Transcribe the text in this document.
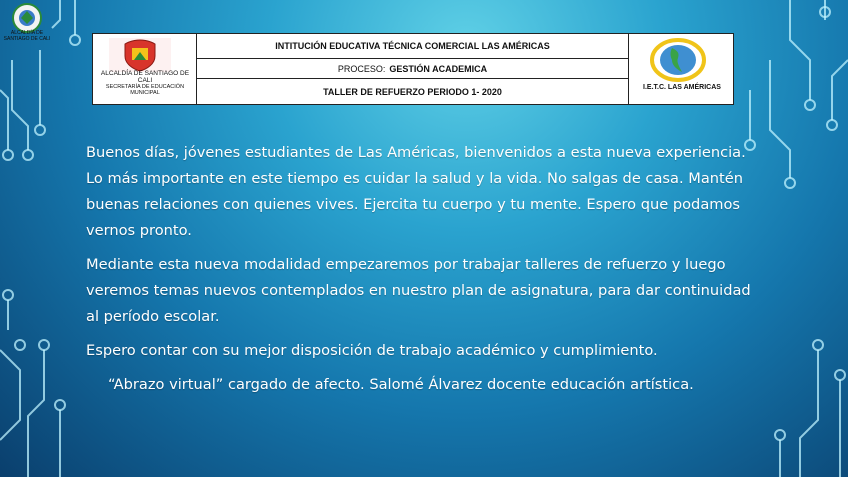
ALCALDÍA DE SANTIAGO DE CALI
ALCALDÍA DE SANTIAGO DE CALI
SECRETARÍA DE EDUCACIÓN MUNICIPAL
INTITUCIÓN EDUCATIVA TÉCNICA COMERCIAL LAS AMÉRICAS
PROCESO: GESTIÓN ACADEMICA
TALLER DE REFUERZO PERIODO 1- 2020	I.E.T.C. LAS AMÉRICAS

Buenos días, jóvenes estudiantes de Las Américas, bienvenidos a esta nueva experiencia. Lo más importante en este tiempo es cuidar la salud y la vida. No salgas de casa. Mantén buenas relaciones con quienes vives. Ejercita tu cuerpo y tu mente. Espero que podamos vernos pronto.

Mediante esta nueva modalidad empezaremos por trabajar talleres de refuerzo y luego veremos temas nuevos contemplados en nuestro plan de asignatura, para dar continuidad al período escolar.

Espero contar con su mejor disposición de trabajo académico y cumplimiento.

“Abrazo virtual” cargado de afecto. Salomé Álvarez docente educación artística.
